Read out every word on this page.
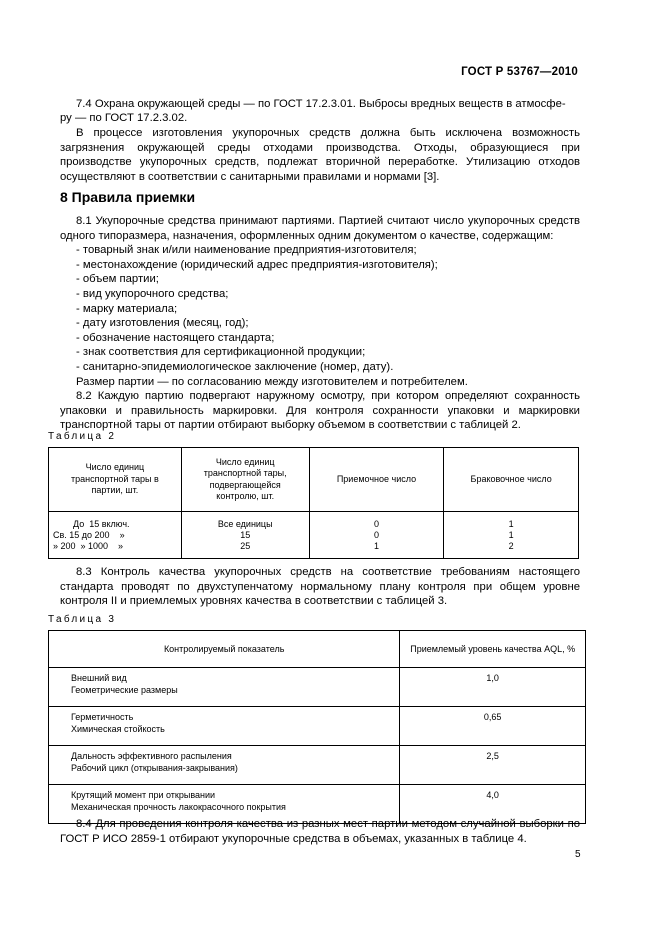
ГОСТ Р 53767—2010

7.4 Охрана окружающей среды — по ГОСТ 17.2.3.01. Выбросы вредных веществ в атмосфе-

ру — по ГОСТ 17.2.3.02.

В процессе изготовления укупорочных средств должна быть исключена возможность загрязнения окружающей среды отходами производства. Отходы, образующиеся при производстве укупорочных средств, подлежат вторичной переработке. Утилизацию отходов осуществляют в соответствии с санитарными правилами и нормами [3].

8 Правила приемки
8.1 Укупорочные средства принимают партиями. Партией считают число укупорочных средств одного типоразмера, назначения, оформленных одним документом о качестве, содержащим:
- товарный знак и/или наименование предприятия-изготовителя;
- местонахождение (юридический адрес предприятия-изготовителя);
- объем партии;
- вид укупорочного средства;
- марку материала;
- дату изготовления (месяц, год);
- обозначение настоящего стандарта;
- знак соответствия для сертификационной продукции;
- санитарно-эпидемиологическое заключение (номер, дату).
Размер партии — по согласованию между изготовителем и потребителем.
8.2 Каждую партию подвергают наружному осмотру, при котором определяют сохранность упаковки и правильность маркировки. Для контроля сохранности упаковки и маркировки транспортной тары от партии отбирают выборку объемом в соответствии с таблицей 2.

Таблица 2

Число единиц транспортной тары в партии, шт.	Число единиц транспортной тары, подвергающейся контролю, шт.	Приемочное число	Браковочное число

До  15 включ.
Св. 15 до 200    »
» 200  » 1000    »	Все единицы
15
25	0
0
1	1
1
2

8.3 Контроль качества укупорочных средств на соответствие требованиям настоящего стандарта проводят по двухступенчатому нормальному плану контроля при общем уровне контроля II и приемлемых уровнях качества в соответствии с таблицей 3.

Таблица 3

Контролируемый показатель	Приемлемый уровень качества AQL, %

Внешний вид
Геометрические размеры	1,0

Герметичность
Химическая стойкость	0,65

Дальность эффективного распыления
Рабочий цикл (открывания-закрывания)	2,5

Крутящий момент при открывании
Механическая прочность лакокрасочного покрытия	4,0

8.4 Для проведения контроля качества из разных мест партии методом случайной выборки по ГОСТ Р ИСО 2859-1 отбирают укупорочные средства в объемах, указанных в таблице 4.

5
